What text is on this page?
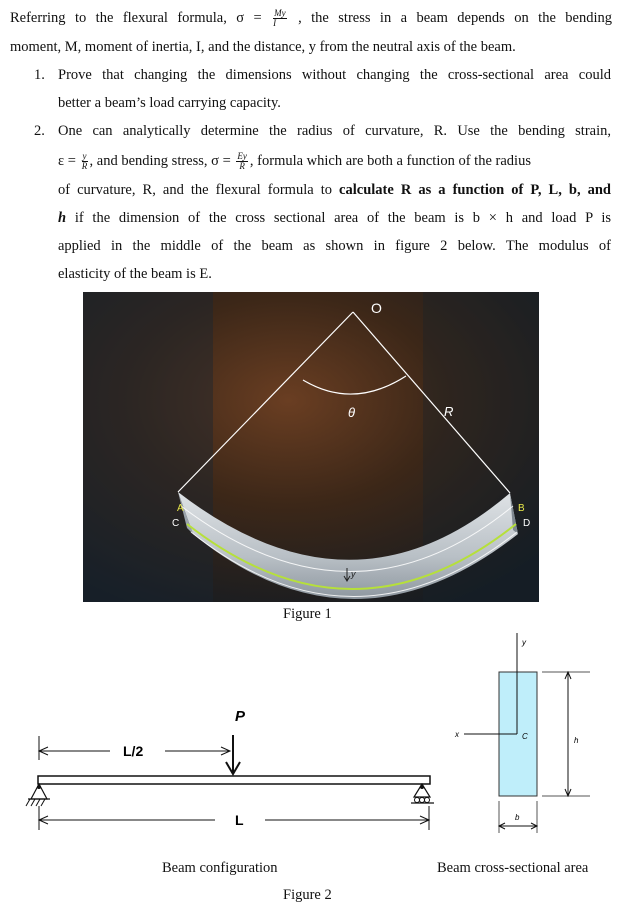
Referring to the flexural formula, $\sigma = \frac{My}{I}$ , the stress in a beam depends on the bending
moment, M, moment of inertia, I, and the distance, y from the neutral axis of the beam.
1. Prove that changing the dimensions without changing the cross-sectional area could
better a beam’s load carrying capacity.
2. One can analytically determine the radius of curvature, R. Use the bending strain,
$\varepsilon = \frac{y}{R}$ , and bending stress, $\sigma = \frac{Ey}{R}$ , formula which are both a function of the radius
of curvature, R, and the flexural formula to calculate R as a function of P, L, b, and
h if the dimension of the cross sectional area of the beam is b × h and load P is
applied in the middle of the beam as shown in figure 2 below. The modulus of
elasticity of the beam is E.
O
θ	R
A
C
B
D
y
Figure 1
L/2
P
L
y
x	C	h
b
Beam configuration	Beam cross-sectional area
Figure 2
